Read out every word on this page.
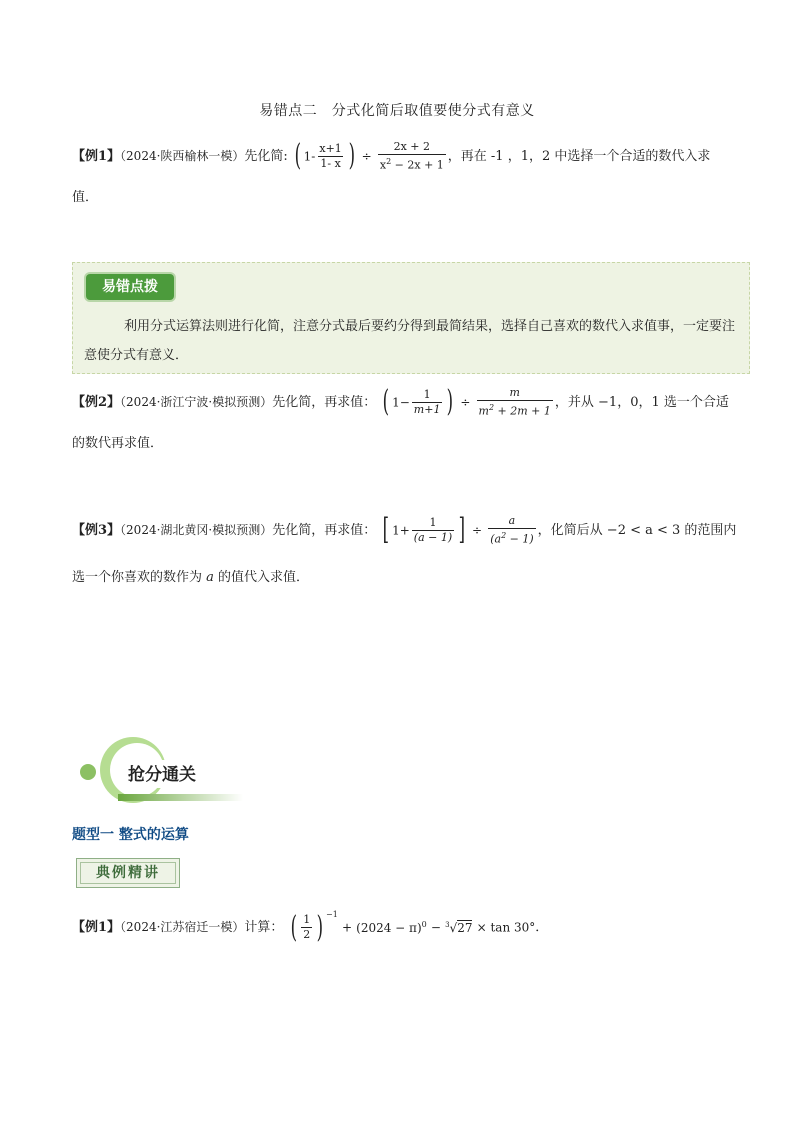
易错点二　分式化简后取值要使分式有意义
【例1】（2024·陕西榆林一模）先化简: ( $1- \frac{x+1}{1- x}$ ) ÷ $\frac{2x + 2}{x^2 - 2x + 1}$ ，再在 -1 ，1，2 中选择一个合适的数代入求
值．
易错点拨
利用分式运算法则进行化简，注意分式最后要约分得到最简结果，选择自己喜欢的数代入求值事，一定要注意使分式有意义．
【例2】（2024·浙江宁波·模拟预测）先化简，再求值： ( $1- \frac{1}{m+1}$ ) ÷ $\frac{m}{m^2 + 2m + 1}$ ，并从 −1，0，1 选一个合适
的数代再求值．
【例3】（2024·湖北黄冈·模拟预测）先化简，再求值： [ $1+ \frac{1}{(a - 1)}$ ] ÷ $\frac{a}{(a^2 - 1)}$ ，化简后从 −2 < a < 3 的范围内
选一个你喜欢的数作为 a 的值代入求值．
抢分通关
题型一 整式的运算
典例精讲
【例1】（2024·江苏宿迁一模）计算： ( $\frac{1}{2}$ ) $^{-1} + (2024 - \pi)^0 - ^3√27 \times \tan 30^\circ$．
